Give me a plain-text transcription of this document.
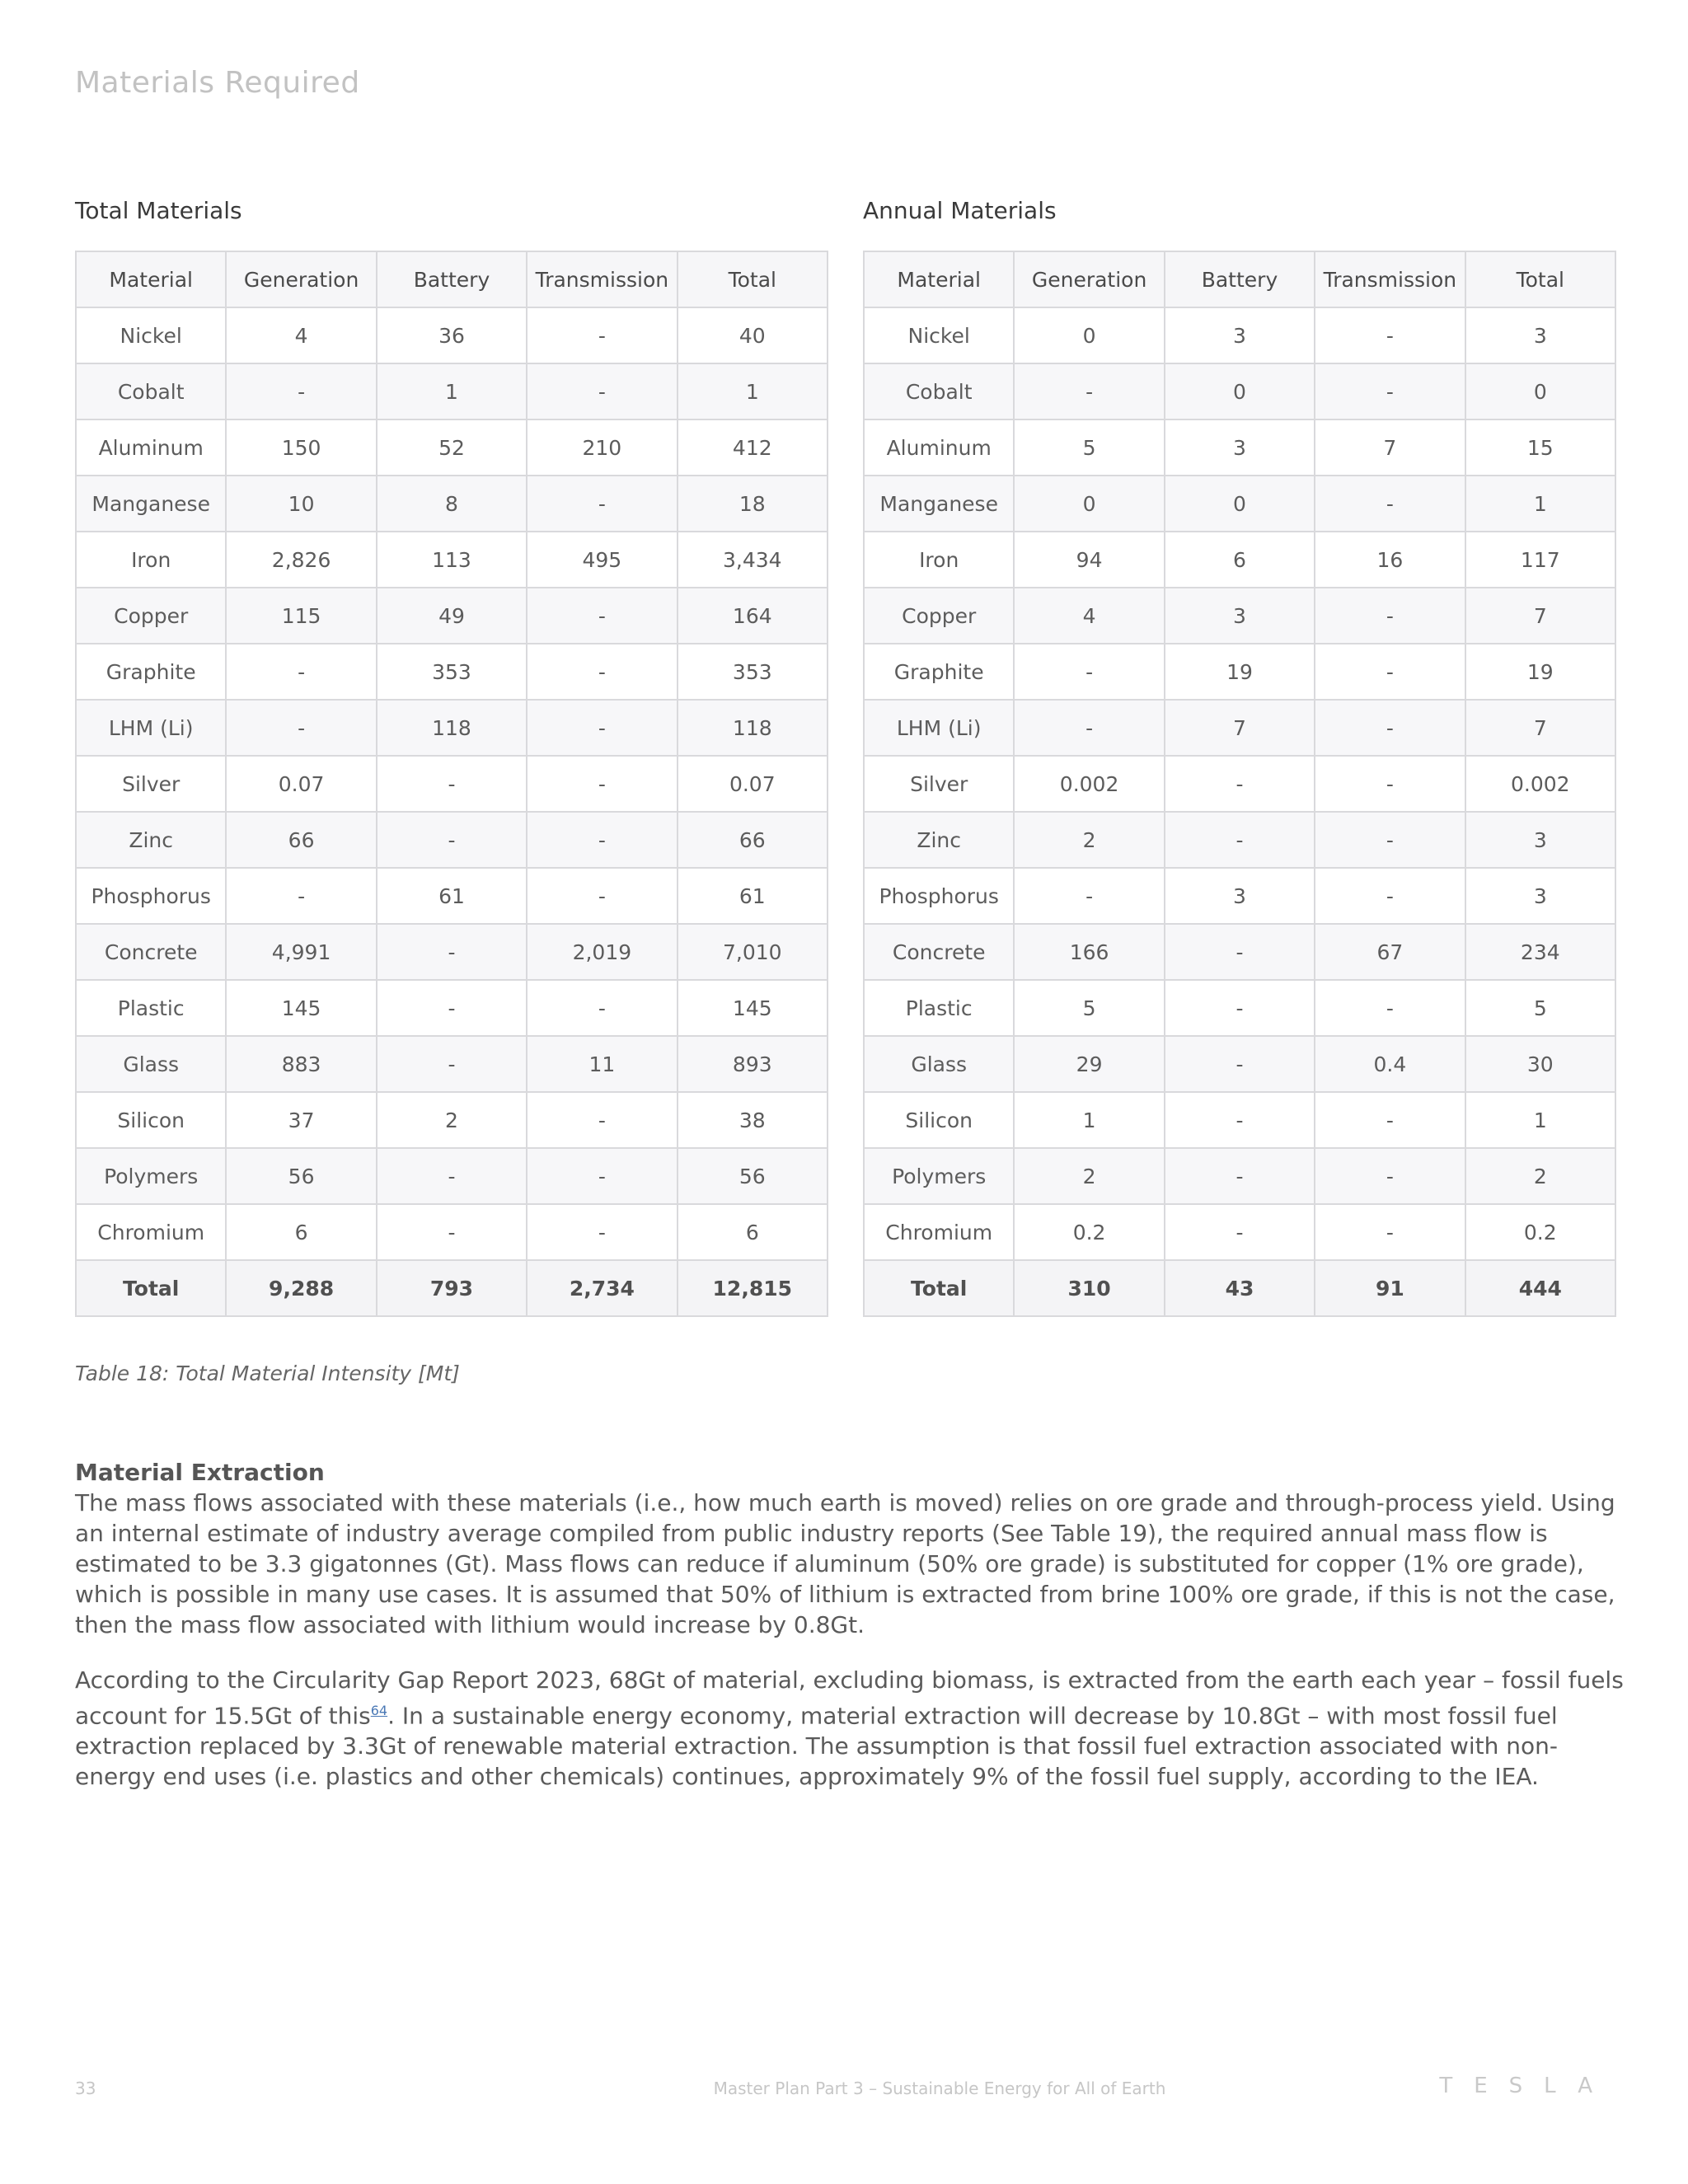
Materials Required
Total Materials
Material	Generation	Battery	Transmission	Total
Nickel	4	36	-	40
Cobalt	-	1	-	1
Aluminum	150	52	210	412
Manganese	10	8	-	18
Iron	2,826	113	495	3,434
Copper	115	49	-	164
Graphite	-	353	-	353
LHM (Li)	-	118	-	118
Silver	0.07	-	-	0.07
Zinc	66	-	-	66
Phosphorus	-	61	-	61
Concrete	4,991	-	2,019	7,010
Plastic	145	-	-	145
Glass	883	-	11	893
Silicon	37	2	-	38
Polymers	56	-	-	56
Chromium	6	-	-	6
Total	9,288	793	2,734	12,815
Annual Materials
Material	Generation	Battery	Transmission	Total
Nickel	0	3	-	3
Cobalt	-	0	-	0
Aluminum	5	3	7	15
Manganese	0	0	-	1
Iron	94	6	16	117
Copper	4	3	-	7
Graphite	-	19	-	19
LHM (Li)	-	7	-	7
Silver	0.002	-	-	0.002
Zinc	2	-	-	3
Phosphorus	-	3	-	3
Concrete	166	-	67	234
Plastic	5	-	-	5
Glass	29	-	0.4	30
Silicon	1	-	-	1
Polymers	2	-	-	2
Chromium	0.2	-	-	0.2
Total	310	43	91	444
Table 18: Total Material Intensity [Mt]
Material Extraction

The mass flows associated with these materials (i.e., how much earth is moved) relies on ore grade and through-process yield. Using an internal estimate of industry average compiled from public industry reports (See Table 19), the required annual mass flow is estimated to be 3.3 gigatonnes (Gt). Mass flows can reduce if aluminum (50% ore grade) is substituted for copper (1% ore grade), which is possible in many use cases. It is assumed that 50% of lithium is extracted from brine 100% ore grade, if this is not the case, then the mass flow associated with lithium would increase by 0.8Gt.

According to the Circularity Gap Report 2023, 68Gt of material, excluding biomass, is extracted from the earth each year – fossil fuels account for 15.5Gt of this$^{64}$. In a sustainable energy economy, material extraction will decrease by 10.8Gt – with most fossil fuel extraction replaced by 3.3Gt of renewable material extraction. The assumption is that fossil fuel extraction associated with non-energy end uses (i.e. plastics and other chemicals) continues, approximately 9% of the fossil fuel supply, according to the IEA.

33	Master Plan Part 3 – Sustainable Energy for All of Earth	TESLA
